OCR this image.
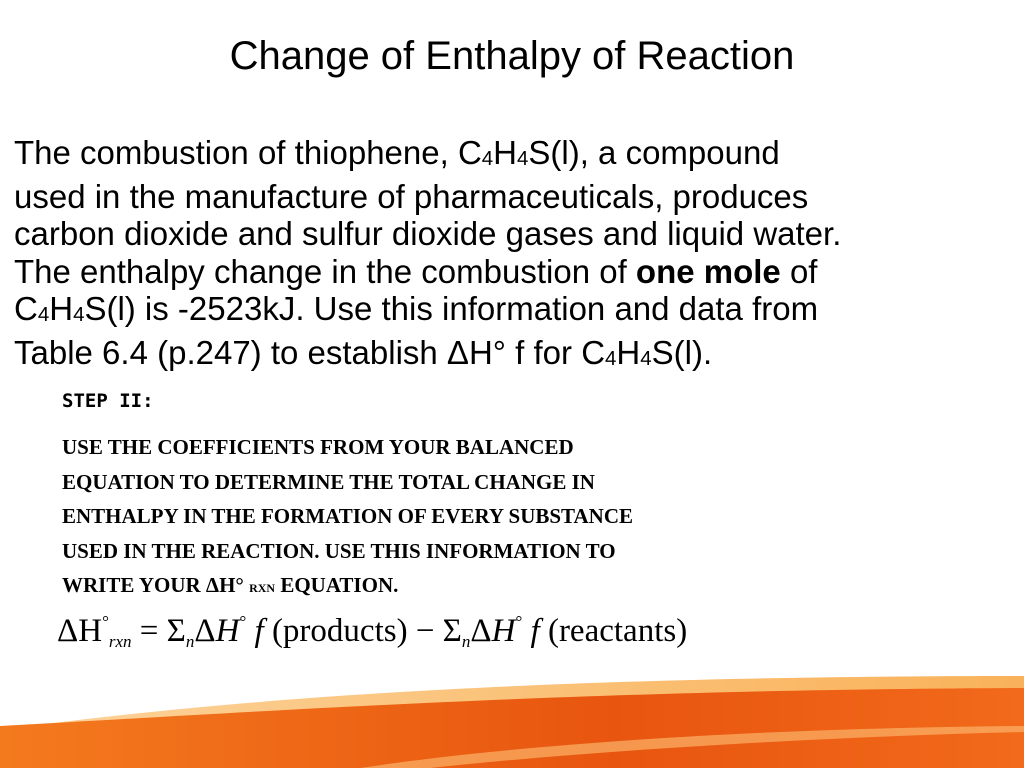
Change of Enthalpy of Reaction

The combustion of thiophene, C4H4S(l), a compound

used in the manufacture of pharmaceuticals, produces

carbon dioxide and sulfur dioxide gases and liquid water.

The enthalpy change in the combustion of one mole of

C4H4S(l) is -2523kJ. Use this information and data from

Table 6.4 (p.247) to establish ΔH° f for C4H4S(l).

STEP II:

USE THE COEFFICIENTS FROM YOUR BALANCED

EQUATION TO DETERMINE THE TOTAL CHANGE IN

ENTHALPY IN THE FORMATION OF EVERY SUBSTANCE

USED IN THE REACTION. USE THIS INFORMATION TO

WRITE YOUR ΔH° RXN EQUATION.

ΔH°rxn = ΣnΔH° f (products) − ΣnΔH° f (reactants)
